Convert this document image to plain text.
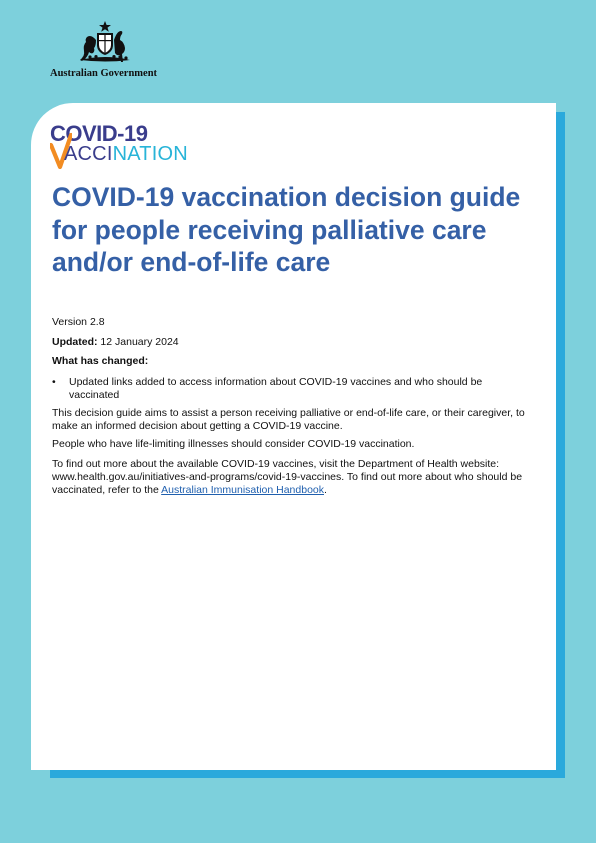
Australian Government
COVID-19
ACCINATION
COVID-19 vaccination decision guide for people receiving palliative care and/or end-of-life care

Version 2.8

Updated: 12 January 2024

What has changed:

• Updated links added to access information about COVID-19 vaccines and who should be vaccinated

This decision guide aims to assist a person receiving palliative or end-of-life care, or their caregiver, to make an informed decision about getting a COVID-19 vaccine.

People who have life-limiting illnesses should consider COVID-19 vaccination.

To find out more about the available COVID-19 vaccines, visit the Department of Health website: www.health.gov.au/initiatives-and-programs/covid-19-vaccines. To find out more about who should be vaccinated, refer to the Australian Immunisation Handbook.
